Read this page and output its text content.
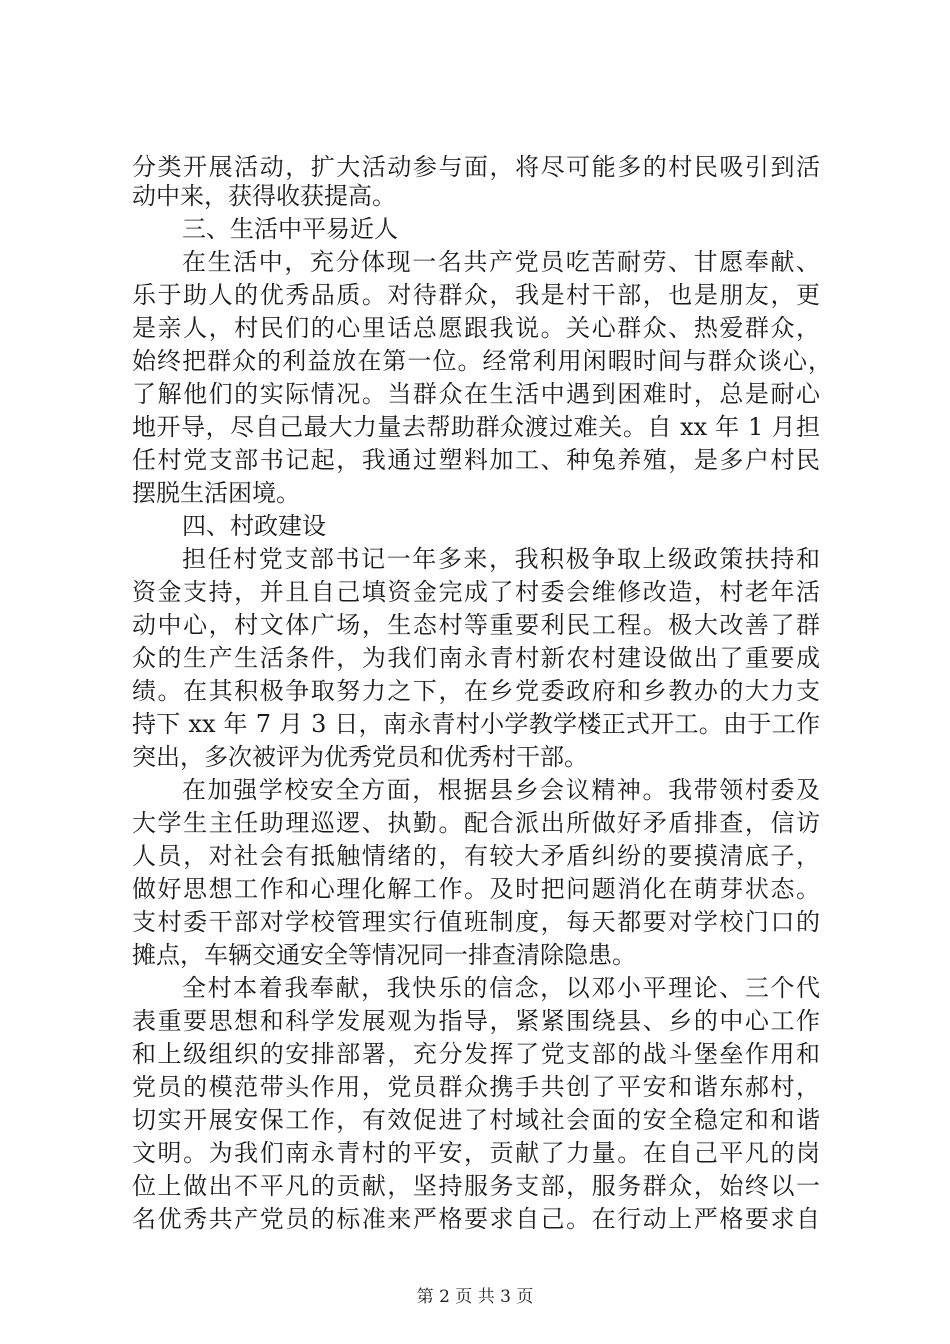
分类开展活动，扩大活动参与面，将尽可能多的村民吸引到活
动中来，获得收获提高。
三、生活中平易近人
在生活中，充分体现一名共产党员吃苦耐劳、甘愿奉献、
乐于助人的优秀品质。对待群众，我是村干部，也是朋友，更
是亲人，村民们的心里话总愿跟我说。关心群众、热爱群众，
始终把群众的利益放在第一位。经常利用闲暇时间与群众谈心，
了解他们的实际情况。当群众在生活中遇到困难时，总是耐心
地开导，尽自己最大力量去帮助群众渡过难关。自 xx 年 1 月担
任村党支部书记起，我通过塑料加工、种兔养殖，是多户村民
摆脱生活困境。
四、村政建设
担任村党支部书记一年多来，我积极争取上级政策扶持和
资金支持，并且自己填资金完成了村委会维修改造，村老年活
动中心，村文体广场，生态村等重要利民工程。极大改善了群
众的生产生活条件，为我们南永青村新农村建设做出了重要成
绩。在其积极争取努力之下，在乡党委政府和乡教办的大力支
持下 xx 年 7 月 3 日，南永青村小学教学楼正式开工。由于工作
突出，多次被评为优秀党员和优秀村干部。
在加强学校安全方面，根据县乡会议精神。我带领村委及
大学生主任助理巡逻、执勤。配合派出所做好矛盾排查，信访
人员，对社会有抵触情绪的，有较大矛盾纠纷的要摸清底子，
做好思想工作和心理化解工作。及时把问题消化在萌芽状态。
支村委干部对学校管理实行值班制度，每天都要对学校门口的
摊点，车辆交通安全等情况同一排查清除隐患。
全村本着我奉献，我快乐的信念，以邓小平理论、三个代
表重要思想和科学发展观为指导，紧紧围绕县、乡的中心工作
和上级组织的安排部署，充分发挥了党支部的战斗堡垒作用和
党员的模范带头作用，党员群众携手共创了平安和谐东郝村，
切实开展安保工作，有效促进了村域社会面的安全稳定和和谐
文明。为我们南永青村的平安，贡献了力量。在自己平凡的岗
位上做出不平凡的贡献，坚持服务支部，服务群众，始终以一
名优秀共产党员的标准来严格要求自己。在行动上严格要求自
第 2 页 共 3 页
